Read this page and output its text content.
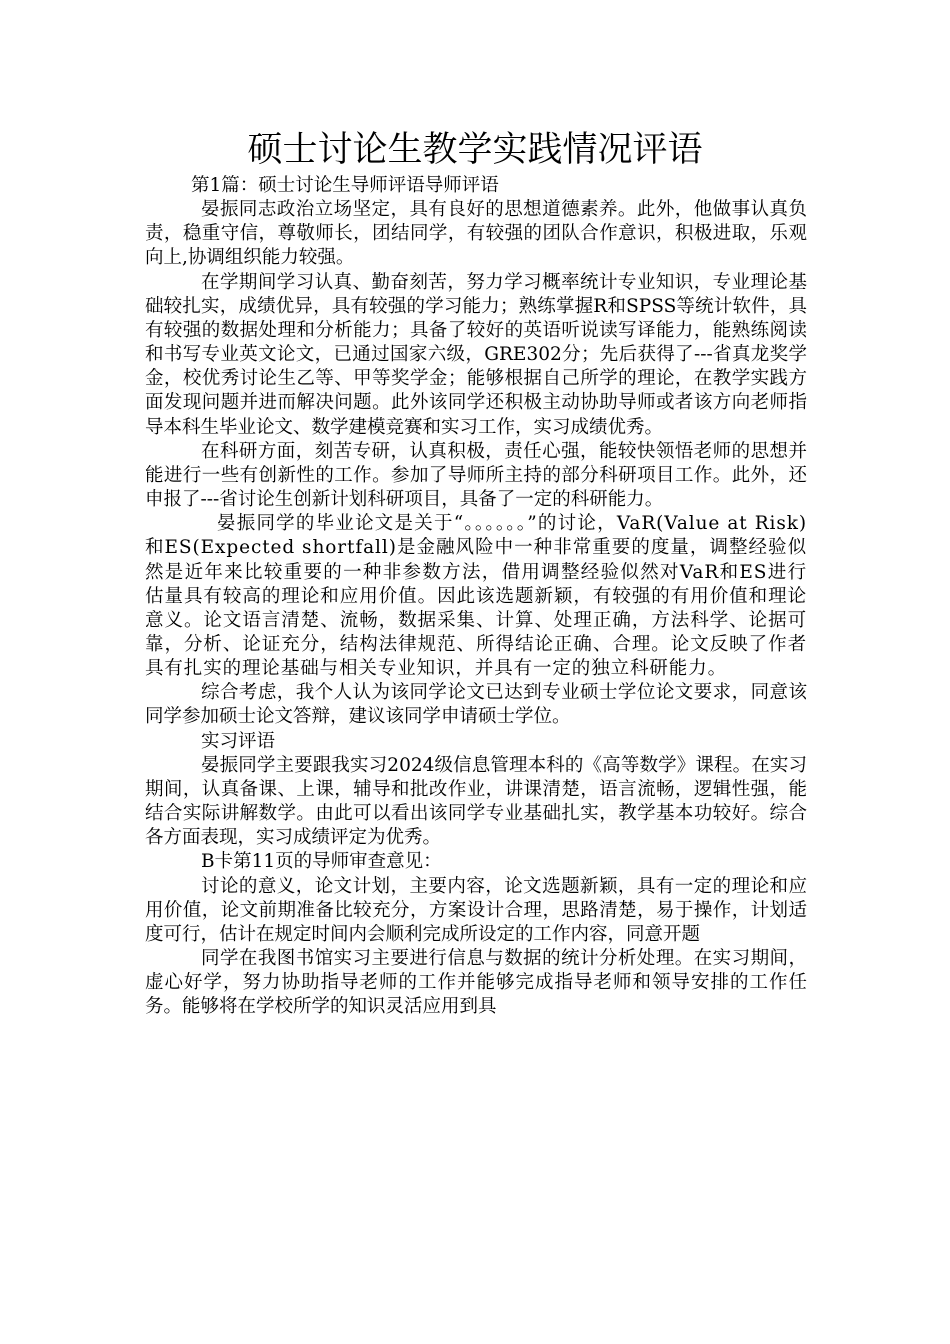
硕士讨论生教学实践情况评语

第1篇：硕士讨论生导师评语导师评语

晏振同志政治立场坚定，具有良好的思想道德素养。此外，他做事认真负责，稳重守信，尊敬师长，团结同学，有较强的团队合作意识，积极进取，乐观向上,协调组织能力较强。

在学期间学习认真、勤奋刻苦，努力学习概率统计专业知识，专业理论基础较扎实，成绩优异，具有较强的学习能力；熟练掌握R和SPSS等统计软件，具有较强的数据处理和分析能力；具备了较好的英语听说读写译能力，能熟练阅读和书写专业英文论文，已通过国家六级，GRE302分；先后获得了---省真龙奖学金，校优秀讨论生乙等、甲等奖学金；能够根据自己所学的理论，在教学实践方面发现问题并进而解决问题。此外该同学还积极主动协助导师或者该方向老师指导本科生毕业论文、数学建模竞赛和实习工作，实习成绩优秀。

在科研方面，刻苦专研，认真积极，责任心强，能较快领悟老师的思想并能进行一些有创新性的工作。参加了导师所主持的部分科研项目工作。此外，还申报了---省讨论生创新计划科研项目，具备了一定的科研能力。

晏振同学的毕业论文是关于“。。。。。。”的讨论，VaR(Value at Risk)和ES(Expected shortfall)是金融风险中一种非常重要的度量，调整经验似然是近年来比较重要的一种非参数方法，借用调整经验似然对VaR和ES进行估量具有较高的理论和应用价值。因此该选题新颖，有较强的有用价值和理论意义。论文语言清楚、流畅，数据采集、计算、处理正确，方法科学、论据可靠，分析、论证充分，结构法律规范、所得结论正确、合理。论文反映了作者具有扎实的理论基础与相关专业知识，并具有一定的独立科研能力。

综合考虑，我个人认为该同学论文已达到专业硕士学位论文要求，同意该同学参加硕士论文答辩，建议该同学申请硕士学位。

实习评语

晏振同学主要跟我实习2024级信息管理本科的《高等数学》课程。在实习期间，认真备课、上课，辅导和批改作业，讲课清楚，语言流畅，逻辑性强，能结合实际讲解数学。由此可以看出该同学专业基础扎实，教学基本功较好。综合各方面表现，实习成绩评定为优秀。

B卡第11页的导师审查意见：

讨论的意义，论文计划，主要内容，论文选题新颖，具有一定的理论和应用价值，论文前期准备比较充分，方案设计合理，思路清楚，易于操作，计划适度可行，估计在规定时间内会顺利完成所设定的工作内容，同意开题

同学在我图书馆实习主要进行信息与数据的统计分析处理。在实习期间，虚心好学，努力协助指导老师的工作并能够完成指导老师和领导安排的工作任务。能够将在学校所学的知识灵活应用到具
